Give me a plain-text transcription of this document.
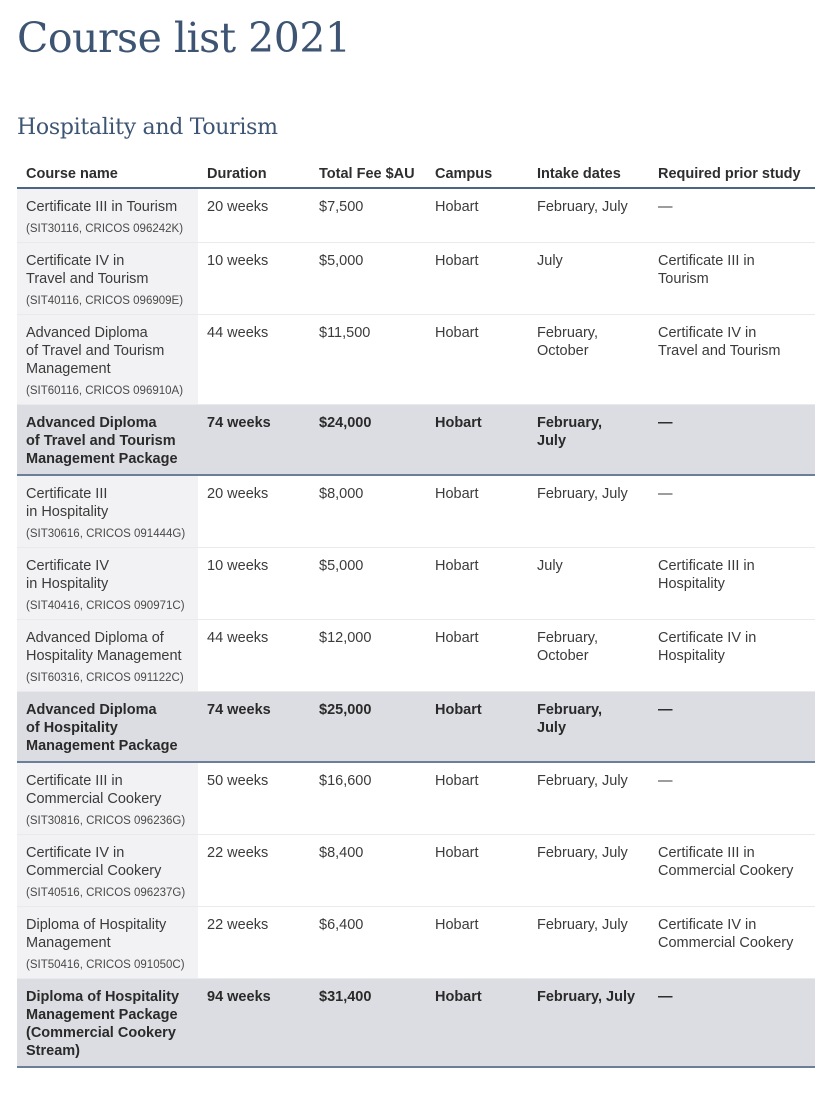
Course list 2021
Hospitality and Tourism
Course name	Duration	Total Fee $AU	Campus	Intake dates	Required prior study

Certificate III in Tourism
(SIT30116, CRICOS 096242K)	20 weeks	$7,500	Hobart	February, July	—

Certificate IV in
Travel and Tourism
(SIT40116, CRICOS 096909E)	10 weeks	$5,000	Hobart	July	Certificate III in
Tourism

Advanced Diploma
of Travel and Tourism
Management
(SIT60116, CRICOS 096910A)	44 weeks	$11,500	Hobart	February,
October	Certificate IV in
Travel and Tourism

Advanced Diploma
of Travel and Tourism
Management Package	74 weeks	$24,000	Hobart	February,
July	—

Certificate III
in Hospitality
(SIT30616, CRICOS 091444G)	20 weeks	$8,000	Hobart	February, July	—

Certificate IV
in Hospitality
(SIT40416, CRICOS 090971C)	10 weeks	$5,000	Hobart	July	Certificate III in
Hospitality

Advanced Diploma of
Hospitality Management
(SIT60316, CRICOS 091122C)	44 weeks	$12,000	Hobart	February,
October	Certificate IV in
Hospitality

Advanced Diploma
of Hospitality
Management Package	74 weeks	$25,000	Hobart	February,
July	—

Certificate III in
Commercial Cookery
(SIT30816, CRICOS 096236G)	50 weeks	$16,600	Hobart	February, July	—

Certificate IV in
Commercial Cookery
(SIT40516, CRICOS 096237G)	22 weeks	$8,400	Hobart	February, July	Certificate III in
Commercial Cookery

Diploma of Hospitality
Management
(SIT50416, CRICOS 091050C)	22 weeks	$6,400	Hobart	February, July	Certificate IV in
Commercial Cookery

Diploma of Hospitality
Management Package
(Commercial Cookery
Stream)	94 weeks	$31,400	Hobart	February, July	—
